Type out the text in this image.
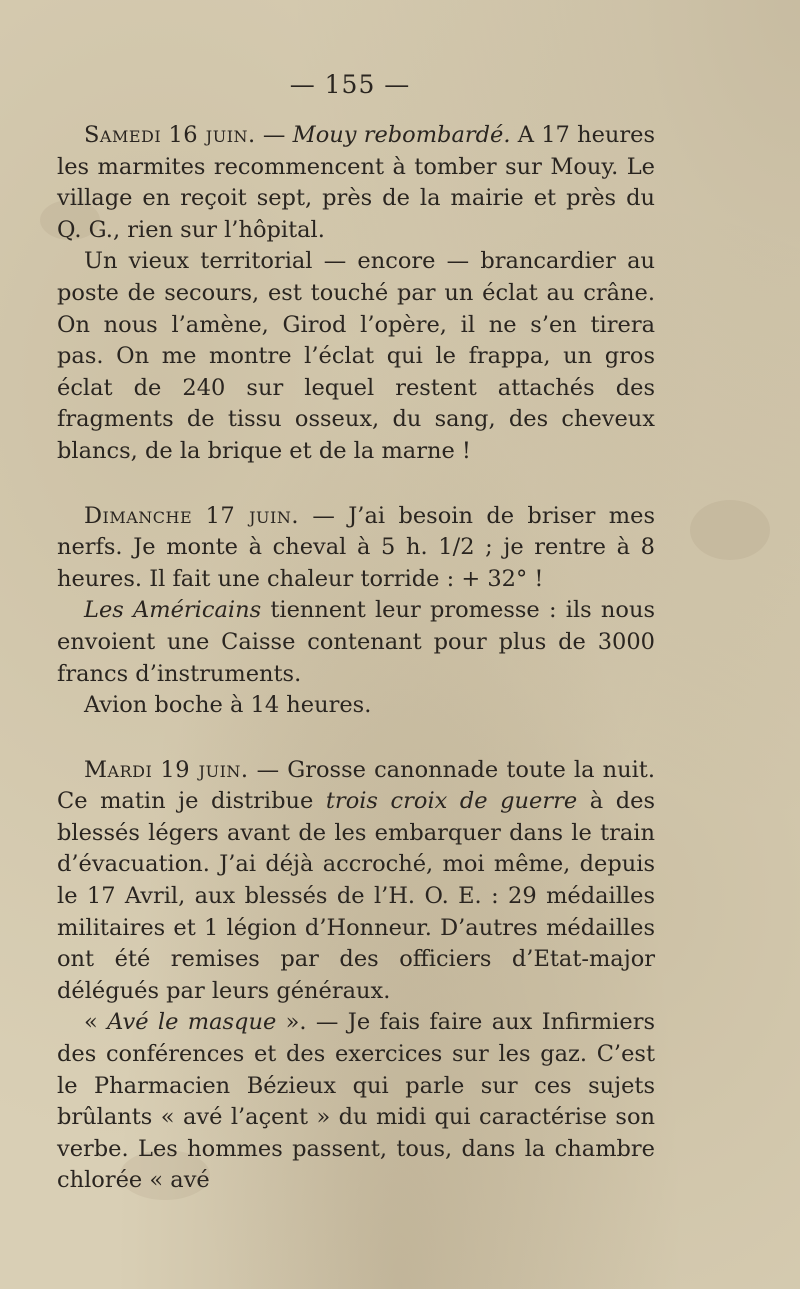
— 155 —

Samedi 16 juin. — Mouy rebombardé. A 17 heures les marmites recommencent à tomber sur Mouy. Le village en reçoit sept, près de la mairie et près du Q. G., rien sur l’hôpital.

Un vieux territorial — encore — brancardier au poste de secours, est touché par un éclat au crâne. On nous l’amène, Girod l’opère, il ne s’en tirera pas. On me montre l’éclat qui le frappa, un gros éclat de 240 sur lequel restent attachés des fragments de tissu osseux, du sang, des cheveux blancs, de la brique et de la marne !

Dimanche 17 juin. — J’ai besoin de briser mes nerfs. Je monte à cheval à 5 h. 1/2 ; je rentre à 8 heures. Il fait une chaleur torride : + 32° !

Les Américains tiennent leur promesse : ils nous envoient une Caisse contenant pour plus de 3000 francs d’instruments.

Avion boche à 14 heures.

Mardi 19 juin. — Grosse canonnade toute la nuit. Ce matin je distribue trois croix de guerre à des blessés légers avant de les embarquer dans le train d’évacuation. J’ai déjà accroché, moi même, depuis le 17 Avril, aux blessés de l’H. O. E. : 29 médailles militaires et 1 légion d’Honneur. D’autres médailles ont été remises par des officiers d’Etat-major délégués par leurs généraux.

« Avé le masque ». — Je fais faire aux Infirmiers des conférences et des exercices sur les gaz. C’est le Pharmacien Bézieux qui parle sur ces sujets brûlants « avé l’açent » du midi qui caractérise son verbe. Les hommes passent, tous, dans la chambre chlorée « avé
